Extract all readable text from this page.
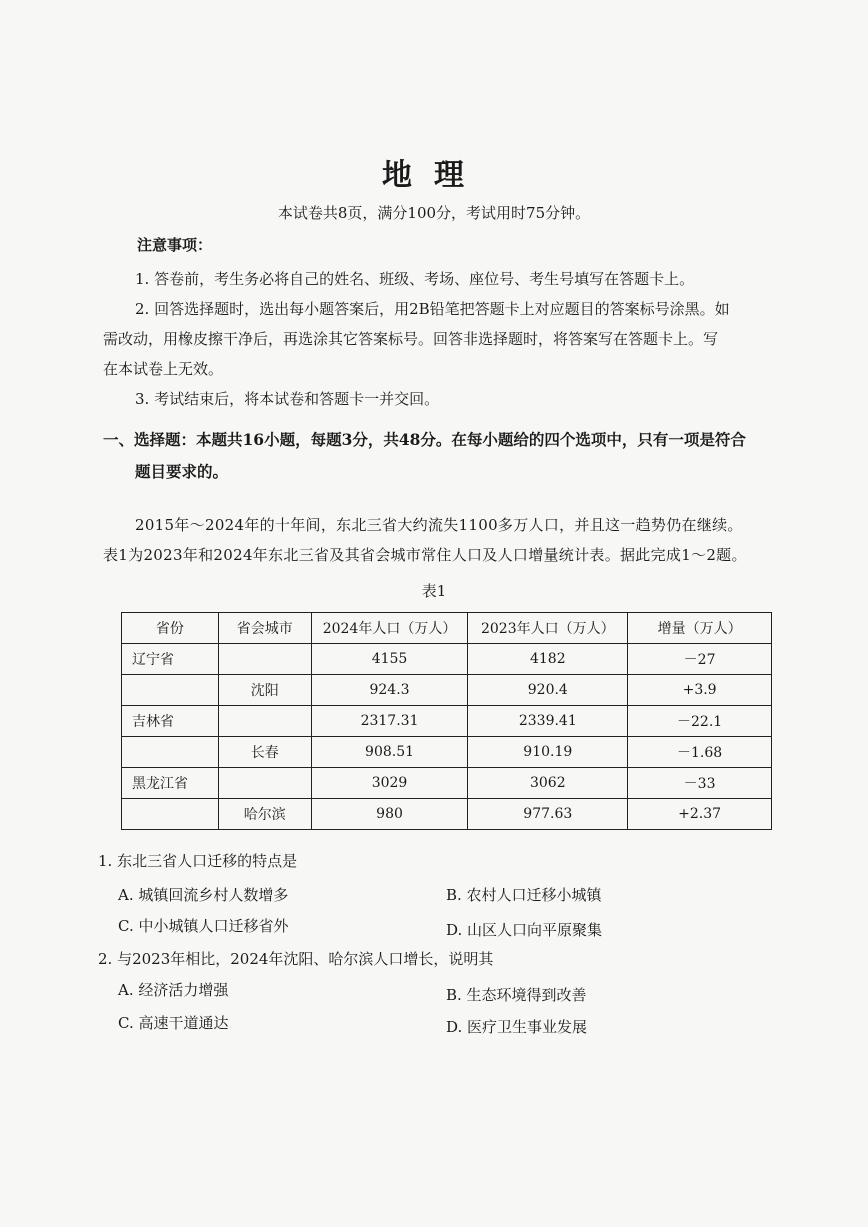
地理
本试卷共8页，满分100分，考试用时75分钟。
注意事项：
1. 答卷前，考生务必将自己的姓名、班级、考场、座位号、考生号填写在答题卡上。
2. 回答选择题时，选出每小题答案后，用2B铅笔把答题卡上对应题目的答案标号涂黑。如
需改动，用橡皮擦干净后，再选涂其它答案标号。回答非选择题时，将答案写在答题卡上。写
在本试卷上无效。
3. 考试结束后，将本试卷和答题卡一并交回。
一、选择题：本题共16小题，每题3分，共48分。在每小题给的四个选项中，只有一项是符合
题目要求的。
2015年～2024年的十年间，东北三省大约流失1100多万人口，并且这一趋势仍在继续。
表1为2023年和2024年东北三省及其省会城市常住人口及人口增量统计表。据此完成1～2题。
表1
省份	省会城市	2024年人口（万人）	2023年人口（万人）	增量（万人）
辽宁省		4155	4182	－27
	沈阳	924.3	920.4	+3.9
吉林省		2317.31	2339.41	－22.1
	长春	908.51	910.19	－1.68
黑龙江省		3029	3062	－33
	哈尔滨	980	977.63	+2.37
1. 东北三省人口迁移的特点是
A. 城镇回流乡村人数增多	B. 农村人口迁移小城镇
C. 中小城镇人口迁移省外	D. 山区人口向平原聚集
2. 与2023年相比，2024年沈阳、哈尔滨人口增长，说明其
A. 经济活力增强	B. 生态环境得到改善
C. 高速干道通达	D. 医疗卫生事业发展
